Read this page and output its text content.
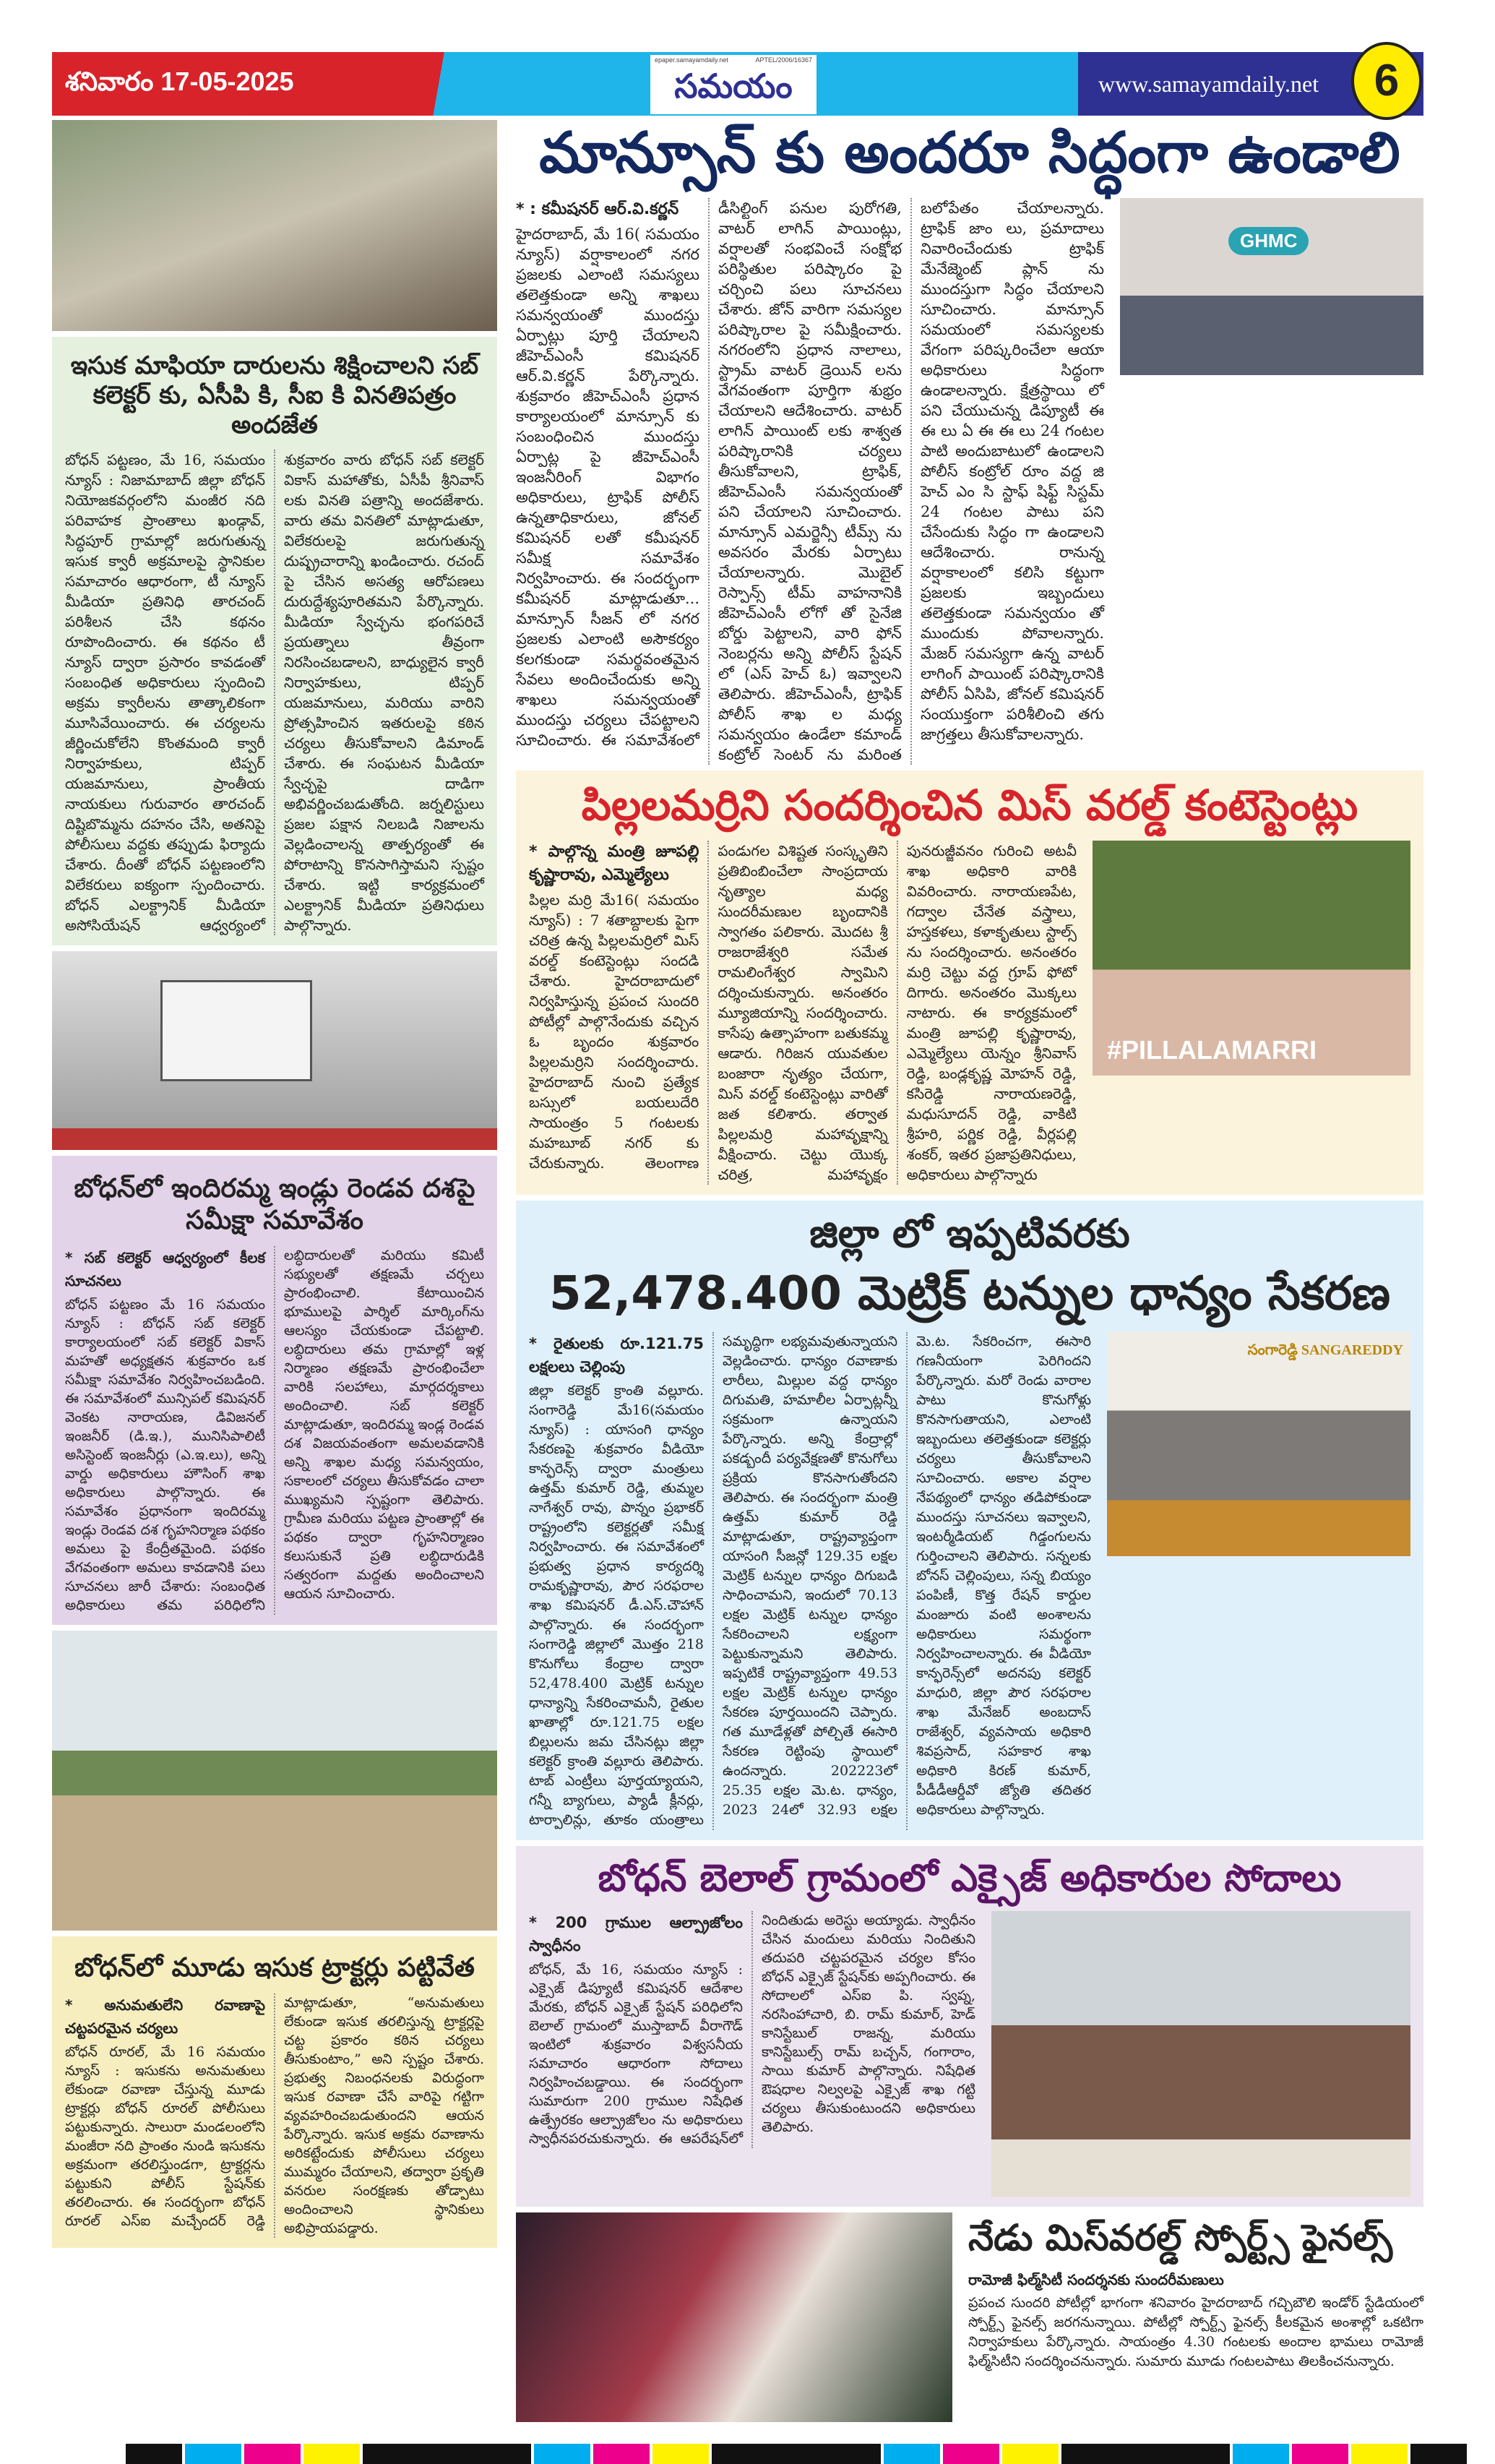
శనివారం 17-05-2025
epaper.samayamdaily.net	APTEL/2006/16367
సమయం	www.samayamdaily.net	6
ఇసుక మాఫియా దారులను శిక్షించాలని సబ్ కలెక్టర్ కు, ఏసీపి కి, సీఐ కి వినతిపత్రం అందజేత
బోధన్ పట్టణం, మే 16, సమయం న్యూస్ : నిజామాబాద్ జిల్లా బోధన్ నియోజకవర్గంలోని మంజీర నది పరివాహక ప్రాంతాలు ఖండ్గావ్, సిద్ధపూర్ గ్రామాల్లో జరుగుతున్న ఇసుక క్వారీ అక్రమాలపై స్థానికుల సమాచారం ఆధారంగా, టీ న్యూస్ మీడియా ప్రతినిధి తారచంద్ పరిశీలన చేసి కథనం రూపొందించారు. ఈ కథనం టీ న్యూస్ ద్వారా ప్రసారం కావడంతో సంబంధిత అధికారులు స్పందించి అక్రమ క్వారీలను తాత్కాలికంగా మూసివేయించారు. ఈ చర్యలను జీర్ణించుకోలేని కొంతమంది క్వారీ నిర్వాహకులు, టిప్పర్ యజమానులు, ప్రాంతీయ నాయకులు గురువారం తారచంద్ దిష్టిబొమ్మను దహనం చేసి, అతనిపై పోలీసులు వద్దకు తప్పుడు ఫిర్యాదు చేశారు. దీంతో బోధన్ పట్టణంలోని విలేకరులు ఐక్యంగా స్పందించారు. బోధన్ ఎలక్ట్రానిక్ మీడియా అసోసియేషన్ ఆధ్వర్యంలో శుక్రవారం వారు బోధన్ సబ్ కలెక్టర్ వికాస్ మహాతోకు, ఏసీపీ శ్రీనివాస్ లకు వినతి పత్రాన్ని అందజేశారు. వారు తమ వినతిలో మాట్లాడుతూ, విలేకరులపై జరుగుతున్న దుష్ప్రచారాన్ని ఖండించారు. రచంద్ పై చేసిన అసత్య ఆరోపణలు దురుద్దేశ్యపూరితమని పేర్కొన్నారు. మీడియా స్వేచ్ఛను భంగపరిచే ప్రయత్నాలు తీవ్రంగా నిరసించబడాలని, బాధ్యులైన క్వారీ నిర్వాహకులు, టిప్పర్ యజమానులు, మరియు వారిని ప్రోత్సహించిన ఇతరులపై కఠిన చర్యలు తీసుకోవాలని డిమాండ్ చేశారు. ఈ సంఘటన మీడియా స్వేచ్ఛపై దాడిగా అభివర్ణించబడుతోంది. జర్నలిస్టులు ప్రజల పక్షాన నిలబడి నిజాలను వెల్లడించాలన్న తాత్పర్యంతో ఈ పోరాటాన్ని కొనసాగిస్తామని స్పష్టం చేశారు. ఇట్టి కార్యక్రమంలో ఎలక్ట్రానిక్ మీడియా ప్రతినిధులు పాల్గొన్నారు.
బోధన్‌లో ఇందిరమ్మ ఇండ్లు రెండవ దశపై సమీక్షా సమావేశం
* సబ్ కలెక్టర్ ఆధ్వర్యంలో కీలక సూచనలు
బోధన్ పట్టణం మే 16 సమయం న్యూస్ : బోధన్ సబ్ కలెక్టర్ కార్యాలయంలో సబ్ కలెక్టర్ వికాస్ మహతో అధ్యక్షతన శుక్రవారం ఒక సమీక్షా సమావేశం నిర్వహించబడింది. ఈ సమావేశంలో మున్సిపల్ కమిషనర్ వెంకట నారాయణ, డివిజనల్ ఇంజనీర్ (డి.ఇ.), మునిసిపాలిటీ అసిస్టెంట్ ఇంజనీర్లు (ఎ.ఇ.లు), అన్ని వార్డు అధికారులు హౌసింగ్ శాఖ అధికారులు పాల్గొన్నారు. ఈ సమావేశం ప్రధానంగా ఇందిరమ్మ ఇండ్లు రెండవ దశ గృహనిర్మాణ పథకం అమలు పై కేంద్రీతమైంది. పథకం వేగవంతంగా అమలు కావడానికి పలు సూచనలు జారీ చేశారు: సంబంధిత అధికారులు తమ పరిధిలోని లబ్ధిదారులతో మరియు కమిటీ సభ్యులతో తక్షణమే చర్చలు ప్రారంభించాలి. కేటాయించిన భూములపై పార్శిల్ మార్కింగ్‌ను ఆలస్యం చేయకుండా చేపట్టాలి. లబ్ధిదారులు తమ గ్రామాల్లో ఇళ్ల నిర్మాణం తక్షణమే ప్రారంభించేలా వారికి సలహాలు, మార్గదర్శకాలు అందించాలి. సబ్ కలెక్టర్ మాట్లాడుతూ, ఇందిరమ్మ ఇండ్ల రెండవ దశ విజయవంతంగా అమలవడానికి అన్ని శాఖల మధ్య సమన్వయం, సకాలంలో చర్యలు తీసుకోవడం చాలా ముఖ్యమని స్పష్టంగా తెలిపారు. గ్రామీణ మరియు పట్టణ ప్రాంతాల్లో ఈ పథకం ద్వారా గృహనిర్మాణం కలుసుకునే ప్రతి లబ్ధిదారుడికి సత్వరంగా మద్దతు అందించాలని ఆయన సూచించారు.
బోధన్‌లో మూడు ఇసుక ట్రాక్టర్లు పట్టివేత
* అనుమతులేని రవాణాపై చట్టపరమైన చర్యలు
బోధన్ రూరల్, మే 16 సమయం న్యూస్ : ఇసుకను అనుమతులు లేకుండా రవాణా చేస్తున్న మూడు ట్రాక్టర్లు బోధన్ రూరల్ పోలీసులు పట్టుకున్నారు. సాలురా మండలంలోని మంజీరా నది ప్రాంతం నుండి ఇసుకను అక్రమంగా తరలిస్తుండగా, ట్రాక్టర్లను పట్టుకుని పోలీస్ స్టేషన్‌కు తరలించారు. ఈ సందర్భంగా బోధన్ రూరల్ ఎస్ఐ మచ్చేందర్ రెడ్డి మాట్లాడుతూ, “అనుమతులు లేకుండా ఇసుక తరలిస్తున్న ట్రాక్టర్లపై చట్ట ప్రకారం కఠిన చర్యలు తీసుకుంటాం,” అని స్పష్టం చేశారు. ప్రభుత్వ నిబంధనలకు విరుద్ధంగా ఇసుక రవాణా చేసే వారిపై గట్టిగా వ్యవహరించబడుతుందని ఆయన పేర్కొన్నారు. ఇసుక అక్రమ రవాణాను అరికట్టేందుకు పోలీసులు చర్యలు ముమ్మరం చేయాలని, తద్వారా ప్రకృతి వనరుల సంరక్షణకు తోడ్పాటు అందించాలని స్థానికులు అభిప్రాయపడ్డారు.
మాన్సూన్ కు అందరూ సిద్ధంగా ఉండాలి
* : కమీషనర్ ఆర్.వి.కర్ణన్
హైదరాబాద్, మే 16( సమయం న్యూస్) వర్షాకాలంలో నగర ప్రజలకు ఎలాంటి సమస్యలు తలెత్తకుండా అన్ని శాఖలు సమన్వయంతో ముందస్తు ఏర్పాట్లు పూర్తి చేయాలని జీహెచ్ఎంసీ కమిషనర్ ఆర్.వి.కర్ణన్ పేర్కొన్నారు. శుక్రవారం జీహెచ్ఎంసీ ప్రధాన కార్యాలయంలో మాన్సూన్ కు సంబంధించిన ముందస్తు ఏర్పాట్ల పై జీహెచ్ఎంసీ ఇంజనీరింగ్ విభాగం అధికారులు, ట్రాఫిక్ పోలీస్ ఉన్నతాధికారులు, జోనల్ కమిషనర్ లతో కమీషనర్ సమీక్ష సమావేశం నిర్వహించారు. ఈ సందర్భంగా కమీషనర్ మాట్లాడుతూ... మాన్సూన్ సీజన్ లో నగర ప్రజలకు ఎలాంటి అసౌకర్యం కలగకుండా సమర్థవంతమైన సేవలు అందించేందుకు అన్ని శాఖలు సమన్వయంతో ముందస్తు చర్యలు చేపట్టాలని సూచించారు. ఈ సమావేశంలో డీసిల్టింగ్ పనుల పురోగతి, వాటర్ లాగిన్ పాయింట్లు, వర్షాలతో సంభవించే సంక్షోభ పరిస్థితుల పరిష్కారం పై చర్చించి పలు సూచనలు చేశారు. జోన్ వారిగా సమస్యల పరిష్కారాల పై సమీక్షించారు. నగరంలోని ప్రధాన నాలాలు, స్ట్రామ్ వాటర్ డ్రెయిన్ లను వేగవంతంగా పూర్తిగా శుభ్రం చేయాలని ఆదేశించారు. వాటర్ లాగిన్ పాయింట్ లకు శాశ్వత పరిష్కారానికి చర్యలు తీసుకోవాలని, ట్రాఫిక్, జీహెచ్ఎంసీ సమన్వయంతో పని చేయాలని సూచించారు. మాన్సూన్ ఎమర్జెన్సీ టీమ్స్ ను అవసరం మేరకు ఏర్పాటు చేయాలన్నారు. మొబైల్ రెస్పాన్స్ టీమ్ వాహనానికి జీహెచ్ఎంసీ లోగో తో సైనేజి బోర్డు పెట్టాలని, వారి ఫోన్ నెంబర్లను అన్ని పోలీస్ స్టేషన్ లో (ఎస్ హెచ్ ఓ) ఇవ్వాలని తెలిపారు. జీహెచ్ఎంసీ, ట్రాఫిక్ పోలీస్ శాఖ ల మధ్య సమన్వయం ఉండేలా కమాండ్ కంట్రోల్ సెంటర్ ను మరింత బలోపేతం చేయాలన్నారు. ట్రాఫిక్ జాం లు, ప్రమాదాలు నివారించేందుకు ట్రాఫిక్ మేనేజ్మెంట్ ప్లాన్ ను ముందస్తుగా సిద్ధం చేయాలని సూచించారు. మాన్సూన్ సమయంలో సమస్యలకు వేగంగా పరిష్కరించేలా ఆయా అధికారులు సిద్ధంగా ఉండాలన్నారు. క్షేత్రస్థాయి లో పని చేయుచున్న డిప్యూటీ ఈ ఈ లు ఏ ఈ ఈ లు 24 గంటల పాటి అందుబాటులో ఉండాలని పోలీస్ కంట్రోల్ రూం వద్ద జి హెచ్ ఎం సి స్టాఫ్ షిఫ్ట్ సిస్టమ్ 24 గంటల పాటు పని చేసేందుకు సిద్ధం గా ఉండాలని ఆదేశించారు. రానున్న వర్షాకాలంలో కలిసి కట్టుగా ప్రజలకు ఇబ్బందులు తలెత్తకుండా సమన్వయం తో ముందుకు పోవాలన్నారు. మేజర్ సమస్యగా ఉన్న వాటర్ లాగింగ్ పాయింట్ పరిష్కారానికి పోలీస్ ఏసిపి, జోనల్ కమిషనర్ సంయుక్తంగా పరిశీలించి తగు జాగ్రత్తలు తీసుకోవాలన్నారు.
GHMC
పిల్లలమర్రిని సందర్శించిన మిస్ వరల్డ్ కంటెస్టెంట్లు
* పాల్గొన్న మంత్రి జూపల్లి కృష్ణారావు, ఎమ్మెల్యేలు
పిల్లల మర్రి మే16( సమయం న్యూస్) : 7 శతాబ్దాలకు పైగా చరిత్ర ఉన్న పిల్లలమర్రిలో మిస్ వరల్డ్ కంటెస్టెంట్లు సందడి చేశారు. హైదరాబాదులో నిర్వహిస్తున్న ప్రపంచ సుందరి పోటీల్లో పాల్గొనేందుకు వచ్చిన ఓ బృందం శుక్రవారం పిల్లలమర్రిని సందర్శించారు. హైదరాబాద్ నుంచి ప్రత్యేక బస్సులో బయలుదేరి సాయంత్రం 5 గంటలకు మహబూబ్ నగర్ కు చేరుకున్నారు. తెలంగాణ పండుగల విశిష్టత సంస్కృతిని ప్రతిబింబించేలా సాంప్రదాయ నృత్యాల మధ్య సుందరీమణుల బృందానికి స్వాగతం పలికారు. మొదట శ్రీ రాజరాజేశ్వరి సమేత రామలింగేశ్వర స్వామిని దర్శించుకున్నారు. అనంతరం మ్యూజియాన్ని సందర్శించారు. కాసేపు ఉత్సాహంగా బతుకమ్మ ఆడారు. గిరిజన యువతుల బంజారా నృత్యం చేయగా, మిస్ వరల్డ్ కంటెస్టెంట్లు వారితో జత కలిశారు. తర్వాత పిల్లలమర్రి మహావృక్షాన్ని వీక్షించారు. చెట్టు యొక్క చరిత్ర, మహావృక్షం పునరుజ్జీవనం గురించి అటవీ శాఖ అధికారి వారికి వివరించారు. నారాయణపేట, గద్వాల చేనేత వస్త్రాలు, హస్తకళలు, కళాకృతులు స్టాల్స్ ను సందర్శించారు. అనంతరం మర్రి చెట్టు వద్ద గ్రూప్ ఫోటో దిగారు. అనంతరం మొక్కలు నాటారు. ఈ కార్యక్రమంలో మంత్రి జూపల్లి కృష్ణారావు, ఎమ్మెల్యేలు యెన్నం శ్రీనివాస్ రెడ్డి, బండ్లకృష్ణ మోహన్ రెడ్డి, కసిరెడ్డి నారాయణరెడ్డి, మధుసూదన్ రెడ్డి, వాకిటి శ్రీహరి, పర్ణిక రెడ్డి, వీర్లపల్లి శంకర్, ఇతర ప్రజాప్రతినిధులు, అధికారులు పాల్గొన్నారు
#PILLALAMARRI
జిల్లా లో ఇప్పటివరకు
52,478.400 మెట్రిక్ టన్నుల ధాన్యం సేకరణ
* రైతులకు రూ.121.75 లక్షలలు చెల్లింపు
జిల్లా కలెక్టర్ క్రాంతి వల్లూరు. సంగారెడ్డి మే16(సమయం న్యూస్) : యాసంగి ధాన్యం సేకరణపై శుక్రవారం వీడియో కాన్ఫరెన్స్ ద్వారా మంత్రులు ఉత్తమ్ కుమార్ రెడ్డి, తుమ్మల నాగేశ్వర్ రావు, పొన్నం ప్రభాకర్ రాష్ట్రంలోని కలెక్టర్లతో సమీక్ష నిర్వహించారు. ఈ సమావేశంలో ప్రభుత్వ ప్రధాన కార్యదర్శి రామకృష్ణారావు, పౌర సరఫరాల శాఖ కమిషనర్ డీ.ఎస్.చౌహాన్ పాల్గొన్నారు. ఈ సందర్భంగా సంగారెడ్డి జిల్లాలో మొత్తం 218 కొనుగోలు కేంద్రాల ద్వారా 52,478.400 మెట్రిక్ టన్నుల ధాన్యాన్ని సేకరించామనీ, రైతుల ఖాతాల్లో రూ.121.75 లక్షల బిల్లులను జమ చేసినట్లు జిల్లా కలెక్టర్ క్రాంతి వల్లూరు తెలిపారు. టాబ్ ఎంట్రీలు పూర్తయ్యాయని, గన్నీ బ్యాగులు, ప్యాడీ క్లీనర్లు, టార్పాలిన్లు, తూకం యంత్రాలు సమృద్ధిగా లభ్యమవుతున్నాయని వెల్లడించారు. ధాన్యం రవాణాకు లారీలు, మిల్లుల వద్ద ధాన్యం దిగుమతి, హమాలీల ఏర్పాట్లన్నీ సక్రమంగా ఉన్నాయని పేర్కొన్నారు. అన్ని కేంద్రాల్లో పకడ్బందీ పర్యవేక్షణతో కొనుగోలు ప్రక్రియ కొనసాగుతోందని తెలిపారు. ఈ సందర్భంగా మంత్రి ఉత్తమ్ కుమార్ రెడ్డి మాట్లాడుతూ, రాష్ట్రవ్యాప్తంగా యాసంగి సీజన్లో 129.35 లక్షల మెట్రిక్ టన్నుల ధాన్యం దిగుబడి సాధించామని, ఇందులో 70.13 లక్షల మెట్రిక్ టన్నుల ధాన్యం సేకరించాలని లక్ష్యంగా పెట్టుకున్నామని తెలిపారు. ఇప్పటికే రాష్ట్రవ్యాప్తంగా 49.53 లక్షల మెట్రిక్ టన్నుల ధాన్యం సేకరణ పూర్తయిందని చెప్పారు. గత మూడేళ్లతో పోల్చితే ఈసారి సేకరణ రెట్టింపు స్థాయిలో ఉందన్నారు. 202223లో 25.35 లక్షల మె.ట. ధాన్యం, 2023 24లో 32.93 లక్షల మె.ట. సేకరించగా, ఈసారి గణనీయంగా పెరిగిందని పేర్కొన్నారు. మరో రెండు వారాల పాటు కొనుగోళ్లు కొనసాగుతాయని, ఎలాంటి ఇబ్బందులు తలెత్తకుండా కలెక్టర్లు చర్యలు తీసుకోవాలని సూచించారు. అకాల వర్షాల నేపథ్యంలో ధాన్యం తడిపోకుండా ముందస్తు సూచనలు ఇవ్వాలని, ఇంటర్మీడియట్ గిడ్డంగులను గుర్తించాలని తెలిపారు. సన్నలకు బోనస్ చెల్లింపులు, సన్న బియ్యం పంపిణీ, కొత్త రేషన్ కార్డుల మంజూరు వంటి అంశాలను అధికారులు సమర్థంగా నిర్వహించాలన్నారు. ఈ వీడియో కాన్ఫరెన్స్‌లో అదనపు కలెక్టర్ మాధురి, జిల్లా పౌర సరఫరాల శాఖ మేనేజర్ అంబదాస్ రాజేశ్వర్, వ్యవసాయ అధికారి శివప్రసాద్, సహకార శాఖ అధికారి కిరణ్ కుమార్, పీడీడీఆర్డీవో జ్యోతి తదితర అధికారులు పాల్గొన్నారు.
సంగారెడ్డి SANGAREDDY
బోధన్ బెలాల్ గ్రామంలో ఎక్సైజ్ అధికారుల సోదాలు
* 200 గ్రాముల ఆల్ప్రాజోలం స్వాధీనం
బోధన్, మే 16, సమయం న్యూస్ : ఎక్సైజ్ డిప్యూటీ కమిషనర్ ఆదేశాల మేరకు, బోధన్ ఎక్సైజ్ స్టేషన్ పరిధిలోని బెలాల్ గ్రామంలో ముస్తాబాద్ వీరాగౌడ్ ఇంటిలో శుక్రవారం విశ్వసనీయ సమాచారం ఆధారంగా సోదాలు నిర్వహించబడ్డాయి. ఈ సందర్భంగా సుమారుగా 200 గ్రాముల నిషేధిత ఉత్ప్రేరకం ఆల్ప్రాజోలం ను అధికారులు స్వాధీనపరచుకున్నారు. ఈ ఆపరేషన్‌లో నిందితుడు అరెస్టు అయ్యాడు. స్వాధీనం చేసిన మందులు మరియు నిందితుని తదుపరి చట్టపరమైన చర్యల కోసం బోధన్ ఎక్సైజ్ స్టేషన్‌కు అప్పగించారు. ఈ సోదాలలో ఎస్ఐ పి. స్వప్న, నరసింహాచారి, బి. రామ్ కుమార్, హెడ్ కానిస్టేబుల్ రాజన్న, మరియు కానిస్టేబుల్స్ రామ్ బచ్చన్, గంగారాం, సాయి కుమార్ పాల్గొన్నారు. నిషేధిత ఔషధాల నిల్వలపై ఎక్సైజ్ శాఖ గట్టి చర్యలు తీసుకుంటుందని అధికారులు తెలిపారు.
నేడు మిస్‌వరల్డ్ స్పోర్ట్స్ ఫైనల్స్
రామోజీ ఫిల్మ్‌సిటీ సందర్శనకు సుందరీమణులు
ప్రపంచ సుందరి పోటీల్లో భాగంగా శనివారం హైదరాబాద్ గచ్చిబౌలి ఇండోర్ స్టేడియంలో స్పోర్ట్స్ ఫైనల్స్ జరగనున్నాయి. పోటీల్లో స్పోర్ట్స్ ఫైనల్స్ కీలకమైన అంశాల్లో ఒకటిగా నిర్వాహకులు పేర్కొన్నారు. సాయంత్రం 4.30 గంటలకు అందాల భామలు రామోజీ ఫిల్మ్‌సిటీని సందర్శించనున్నారు. సుమారు మూడు గంటలపాటు తిలకించనున్నారు.
